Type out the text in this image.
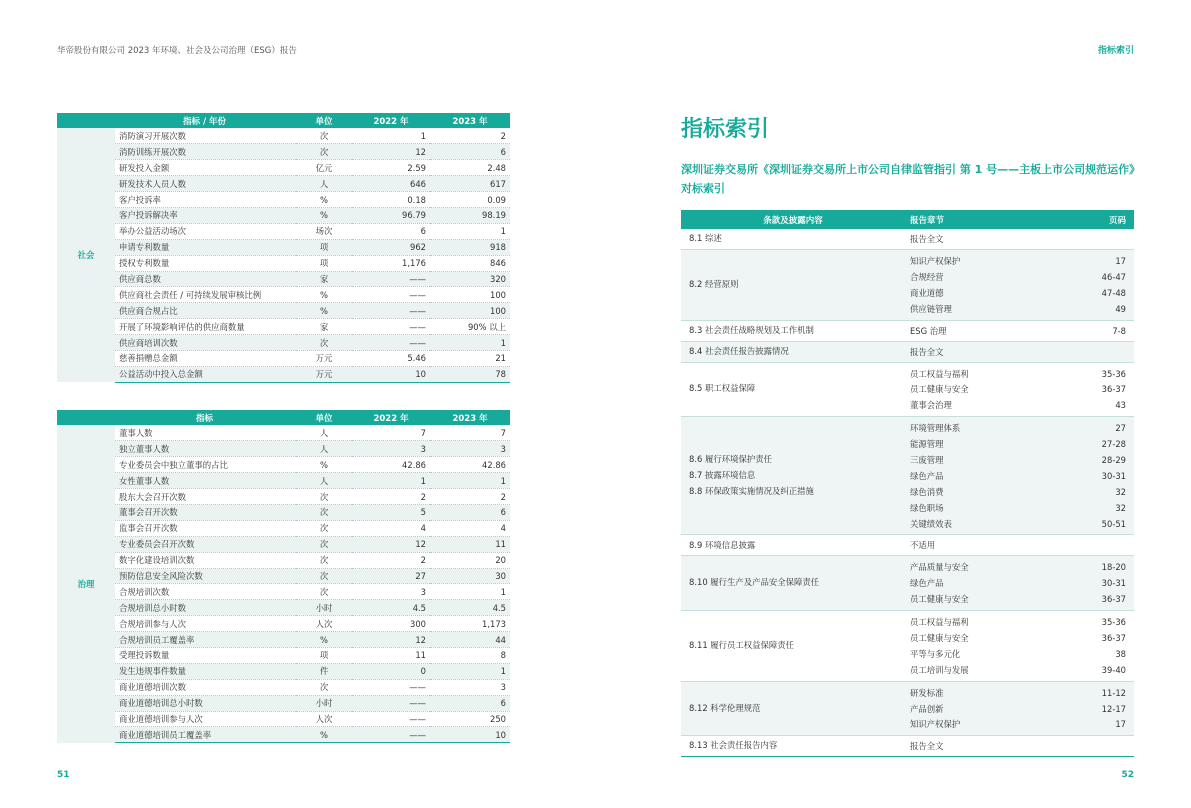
华帝股份有限公司 2023 年环境、社会及公司治理（ESG）报告	指标索引
指标 / 年份		单位	2022 年	2023 年
社会	消防演习开展次数	次	1	2
	消防训练开展次数	次	12	6
	研发投入金额	亿元	2.59	2.48
	研发技术人员人数	人	646	617
	客户投诉率	%	0.18	0.09
	客户投诉解决率	%	96.79	98.19
	举办公益活动场次	场次	6	1
	申请专利数量	项	962	918
	授权专利数量	项	1,176	846
	供应商总数	家	——	320
	供应商社会责任 / 可持续发展审核比例	%	——	100
	供应商合规占比	%	——	100
	开展了环境影响评估的供应商数量	家	——	90% 以上
	供应商培训次数	次	——	1
	慈善捐赠总金额	万元	5.46	21
	公益活动中投入总金额	万元	10	78
指标		单位	2022 年	2023 年
治理	董事人数	人	7	7
	独立董事人数	人	3	3
	专业委员会中独立董事的占比	%	42.86	42.86
	女性董事人数	人	1	1
	股东大会召开次数	次	2	2
	董事会召开次数	次	5	6
	监事会召开次数	次	4	4
	专业委员会召开次数	次	12	11
	数字化建设培训次数	次	2	20
	预防信息安全风险次数	次	27	30
	合规培训次数	次	3	1
	合规培训总小时数	小时	4.5	4.5
	合规培训参与人次	人次	300	1,173
	合规培训员工覆盖率	%	12	44
	受理投诉数量	项	11	8
	发生违规事件数量	件	0	1
	商业道德培训次数	次	——	3
	商业道德培训总小时数	小时	——	6
	商业道德培训参与人次	人次	——	250
	商业道德培训员工覆盖率	%	——	10
指标索引
深圳证券交易所《深圳证券交易所上市公司自律监管指引 第 1 号——主板上市公司规范运作》对标索引
条款及披露内容	报告章节	页码
8.1 综述	报告全文
8.2 经营原则
知识产权保护	17
合规经营	46-47
商业道德	47-48
供应链管理	49
8.3 社会责任战略规划及工作机制	ESG 治理	7-8
8.4 社会责任报告披露情况	报告全文
8.5 职工权益保障
员工权益与福利	35-36
员工健康与安全	36-37
董事会治理	43
8.6 履行环境保护责任
8.7 披露环境信息
8.8 环保政策实施情况及纠正措施
环境管理体系	27
能源管理	27-28
三废管理	28-29
绿色产品	30-31
绿色消费	32
绿色职场	32
关键绩效表	50-51
8.9 环境信息披露	不适用
8.10 履行生产及产品安全保障责任
产品质量与安全	18-20
绿色产品	30-31
员工健康与安全	36-37
8.11 履行员工权益保障责任
员工权益与福利	35-36
员工健康与安全	36-37
平等与多元化	38
员工培训与发展	39-40
8.12 科学伦理规范
研发标准	11-12
产品创新	12-17
知识产权保护	17
8.13 社会责任报告内容	报告全文
51	52
